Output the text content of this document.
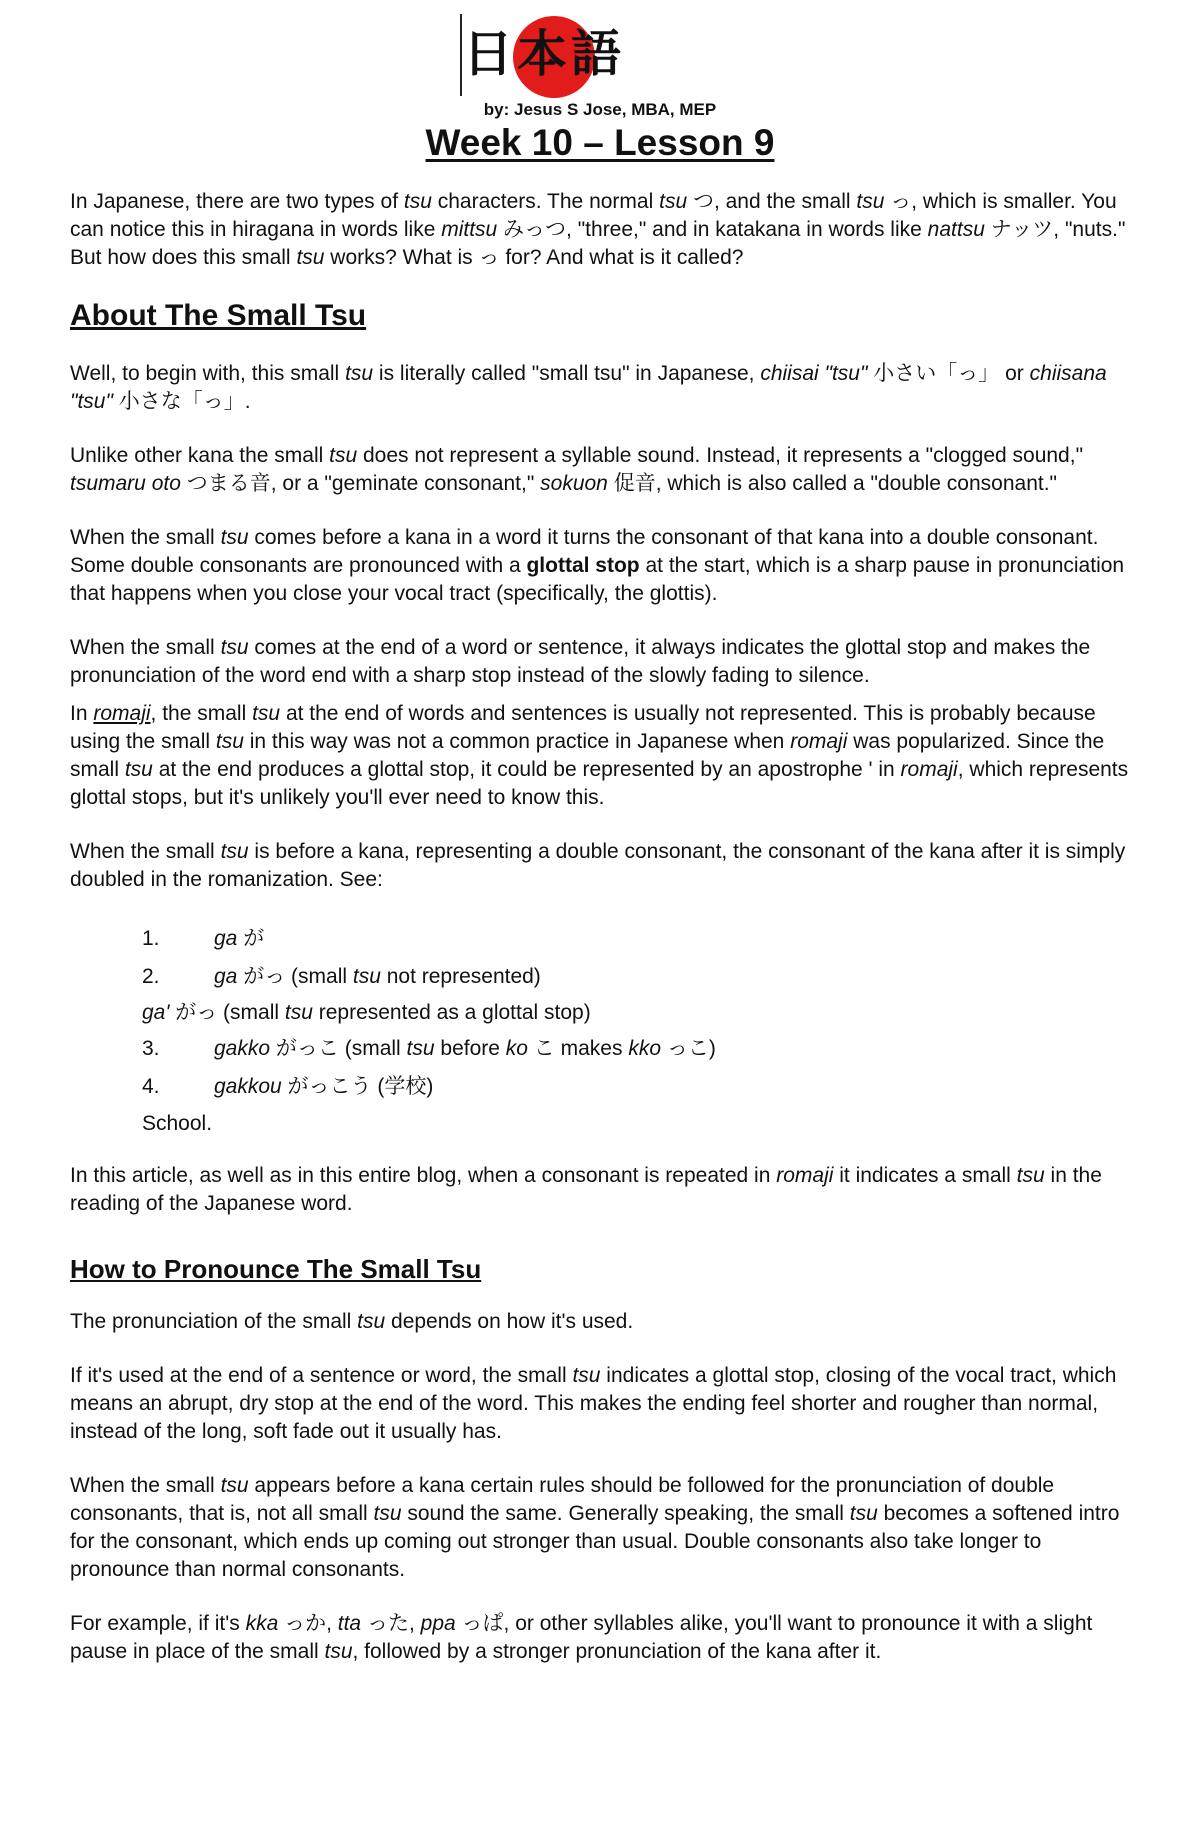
日本語
by: Jesus S Jose, MBA, MEP
Week 10 – Lesson 9

In Japanese, there are two types of tsu characters. The normal tsu つ, and the small tsu っ, which is smaller. You can notice this in hiragana in words like mittsu みっつ, "three," and in katakana in words like nattsu ナッツ, "nuts." But how does this small tsu works? What is っ for? And what is it called?

About The Small Tsu

Well, to begin with, this small tsu is literally called "small tsu" in Japanese, chiisai "tsu" 小さい「っ」 or chiisana "tsu" 小さな「っ」.

Unlike other kana the small tsu does not represent a syllable sound. Instead, it represents a "clogged sound," tsumaru oto つまる音, or a "geminate consonant," sokuon 促音, which is also called a "double consonant."

When the small tsu comes before a kana in a word it turns the consonant of that kana into a double consonant. Some double consonants are pronounced with a glottal stop at the start, which is a sharp pause in pronunciation that happens when you close your vocal tract (specifically, the glottis).

When the small tsu comes at the end of a word or sentence, it always indicates the glottal stop and makes the pronunciation of the word end with a sharp stop instead of the slowly fading to silence.

In romaji, the small tsu at the end of words and sentences is usually not represented. This is probably because using the small tsu in this way was not a common practice in Japanese when romaji was popularized. Since the small tsu at the end produces a glottal stop, it could be represented by an apostrophe ' in romaji, which represents glottal stops, but it's unlikely you'll ever need to know this.

When the small tsu is before a kana, representing a double consonant, the consonant of the kana after it is simply doubled in the romanization. See:

1.	ga が
2.	ga がっ (small tsu not represented)
ga' がっ (small tsu represented as a glottal stop)
3.	gakko がっこ (small tsu before ko こ makes kko っこ)
4.	gakkou がっこう (学校)
School.

In this article, as well as in this entire blog, when a consonant is repeated in romaji it indicates a small tsu in the reading of the Japanese word.

How to Pronounce The Small Tsu

The pronunciation of the small tsu depends on how it's used.

If it's used at the end of a sentence or word, the small tsu indicates a glottal stop, closing of the vocal tract, which means an abrupt, dry stop at the end of the word. This makes the ending feel shorter and rougher than normal, instead of the long, soft fade out it usually has.

When the small tsu appears before a kana certain rules should be followed for the pronunciation of double consonants, that is, not all small tsu sound the same. Generally speaking, the small tsu becomes a softened intro for the consonant, which ends up coming out stronger than usual. Double consonants also take longer to pronounce than normal consonants.

For example, if it's kka っか, tta った, ppa っぱ, or other syllables alike, you'll want to pronounce it with a slight pause in place of the small tsu, followed by a stronger pronunciation of the kana after it.
